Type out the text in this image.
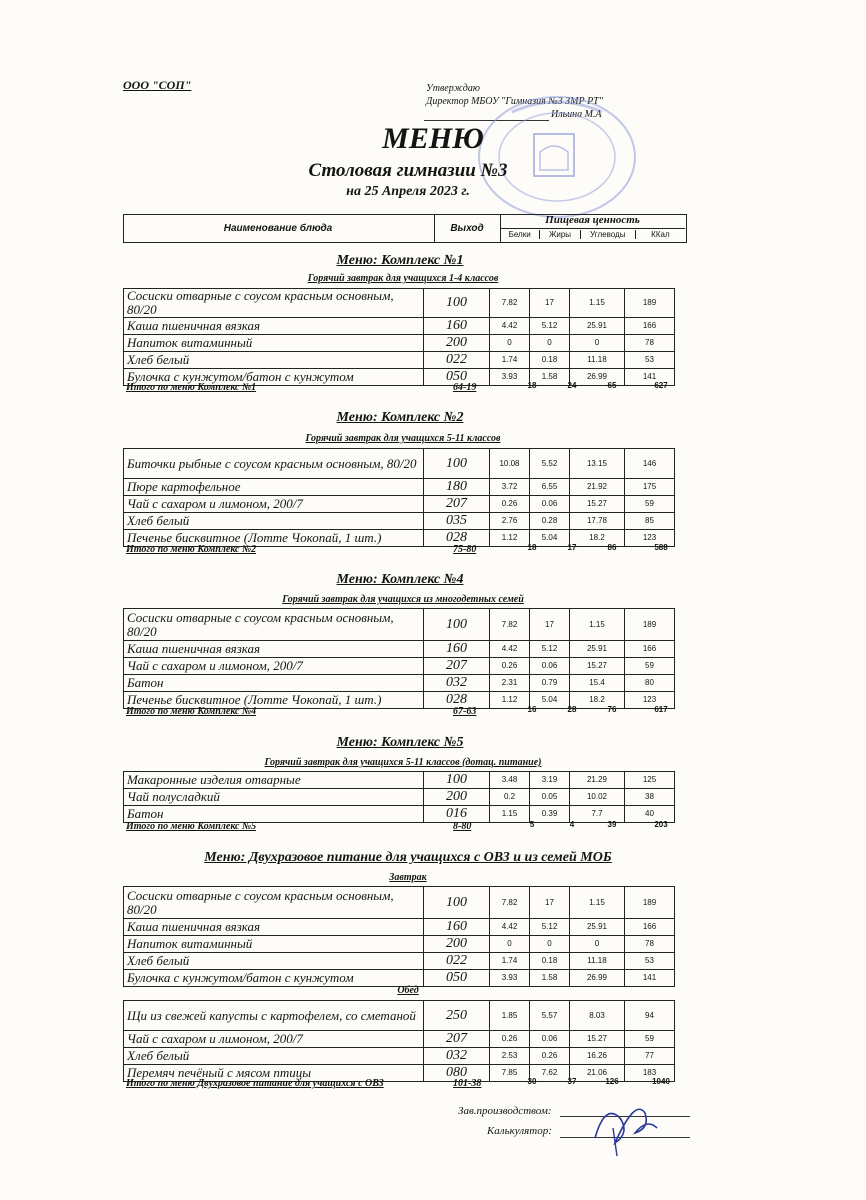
ООО "СОП"	Утверждаю
Директор МБОУ "Гимназия №3 ЗМР РТ"
Ильина М.А
МЕНЮ
Столовая гимназии №3
на 25 Апреля 2023 г.
Наименование блюда	Выход
Пищевая ценность
Белки	Жиры	Углеводы	ККал
Меню: Комплекс №1
Горячий завтрак для учащихся 1-4 классов
Сосиски отварные с соусом красным основным, 80/20	100	7.82	17	1.15	189
Каша пшеничная вязкая	160	4.42	5.12	25.91	166
Напиток витаминный	200	0	0	0	78
Хлеб белый	022	1.74	0.18	11.18	53
Булочка с кунжутом/батон с кунжутом	050	3.93	1.58	26.99	141
Итого по меню Комплекс №1	64-19	18	24	65	627
Меню: Комплекс №2
Горячий завтрак для учащихся 5-11 классов
Биточки рыбные с соусом красным основным, 80/20	100	10.08	5.52	13.15	146
Пюре картофельное	180	3.72	6.55	21.92	175
Чай с сахаром и лимоном, 200/7	207	0.26	0.06	15.27	59
Хлеб белый	035	2.76	0.28	17.78	85
Печенье бисквитное (Лотте Чокопай, 1 шт.)	028	1.12	5.04	18.2	123
Итого по меню Комплекс №2	75-80	18	17	86	588
Меню: Комплекс №4
Горячий завтрак для учащихся из многодетных семей
Сосиски отварные с соусом красным основным, 80/20	100	7.82	17	1.15	189
Каша пшеничная вязкая	160	4.42	5.12	25.91	166
Чай с сахаром и лимоном, 200/7	207	0.26	0.06	15.27	59
Батон	032	2.31	0.79	15.4	80
Печенье бисквитное (Лотте Чокопай, 1 шт.)	028	1.12	5.04	18.2	123
Итого по меню Комплекс №4	67-63	16	28	76	617
Меню: Комплекс №5
Горячий завтрак для учащихся 5-11 классов (дотац. питание)
Макаронные изделия отварные	100	3.48	3.19	21.29	125
Чай полусладкий	200	0.2	0.05	10.02	38
Батон	016	1.15	0.39	7.7	40
Итого по меню Комплекс №5	8-80	5	4	39	203
Меню: Двухразовое питание для учащихся с ОВЗ и из семей МОБ
Завтрак
Сосиски отварные с соусом красным основным, 80/20	100	7.82	17	1.15	189
Каша пшеничная вязкая	160	4.42	5.12	25.91	166
Напиток витаминный	200	0	0	0	78
Хлеб белый	022	1.74	0.18	11.18	53
Булочка с кунжутом/батон с кунжутом	050	3.93	1.58	26.99	141
Обед
Щи из свежей капусты с картофелем, со сметаной	250	1.85	5.57	8.03	94
Чай с сахаром и лимоном, 200/7	207	0.26	0.06	15.27	59
Хлеб белый	032	2.53	0.26	16.26	77
Перемяч печёный с мясом птицы	080	7.85	7.62	21.06	183
Итого по меню Двухразовое питание для учащихся с ОВЗ	101-38	30	37	126	1040
Зав.производством:
Калькулятор:
